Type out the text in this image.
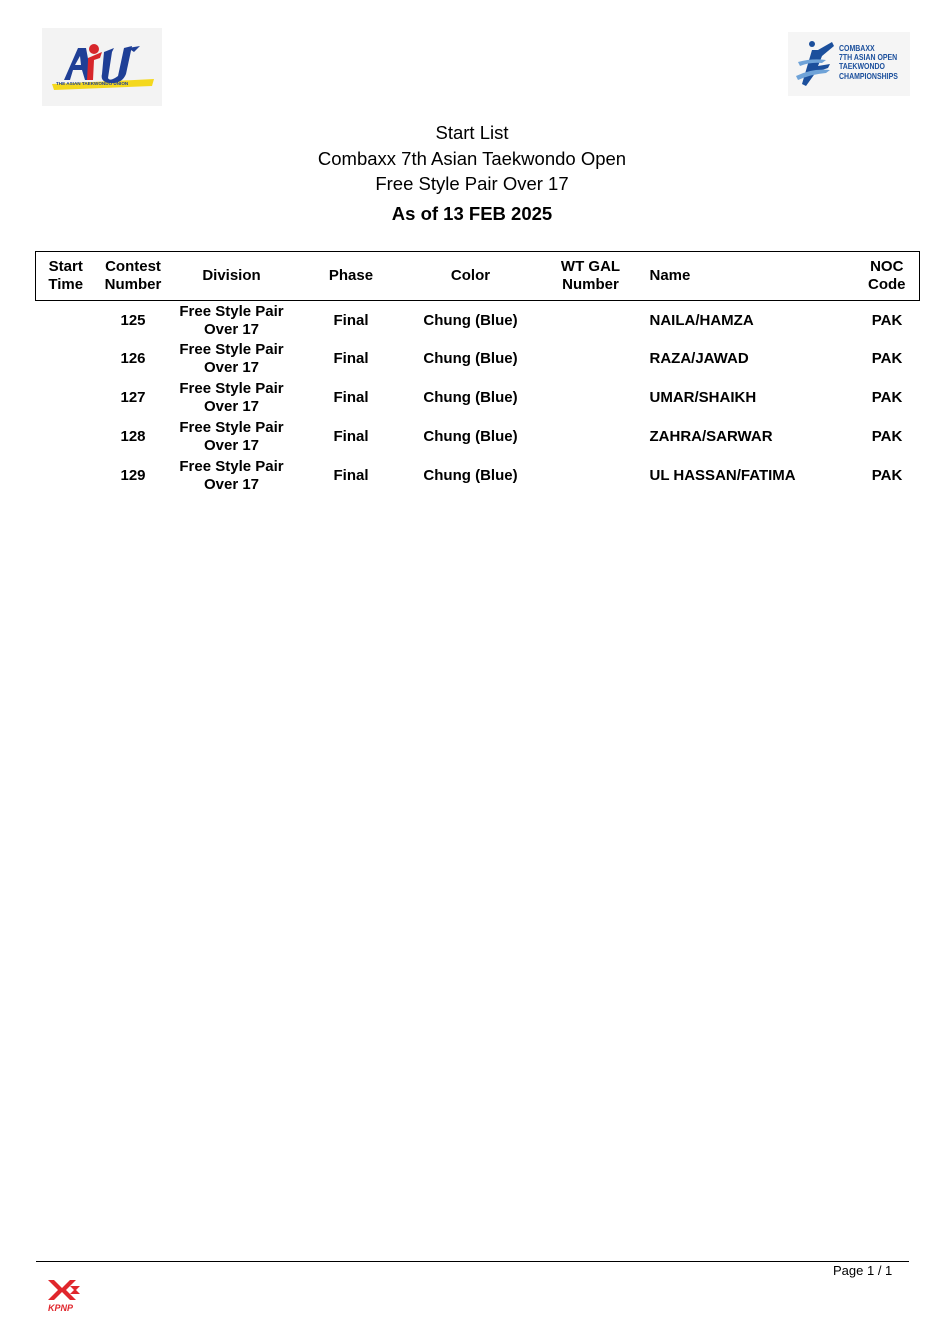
THE ASIAN TAEKWONDO UNION
COMBAXX
7TH ASIAN OPEN
TAEKWONDO
CHAMPIONSHIPS
Start List
Combaxx 7th Asian Taekwondo Open
Free Style Pair Over 17
As of 13 FEB 2025
Start
Time	Contest
Number	Division	Phase	Color	WT GAL
Number	Name	NOC
Code
	125	Free Style Pair
Over 17	Final	Chung (Blue)		NAILA/HAMZA	PAK
	126	Free Style Pair
Over 17	Final	Chung (Blue)		RAZA/JAWAD	PAK
	127	Free Style Pair
Over 17	Final	Chung (Blue)		UMAR/SHAIKH	PAK
	128	Free Style Pair
Over 17	Final	Chung (Blue)		ZAHRA/SARWAR	PAK
	129	Free Style Pair
Over 17	Final	Chung (Blue)		UL HASSAN/FATIMA	PAK
Page 1 / 1
KPNP
